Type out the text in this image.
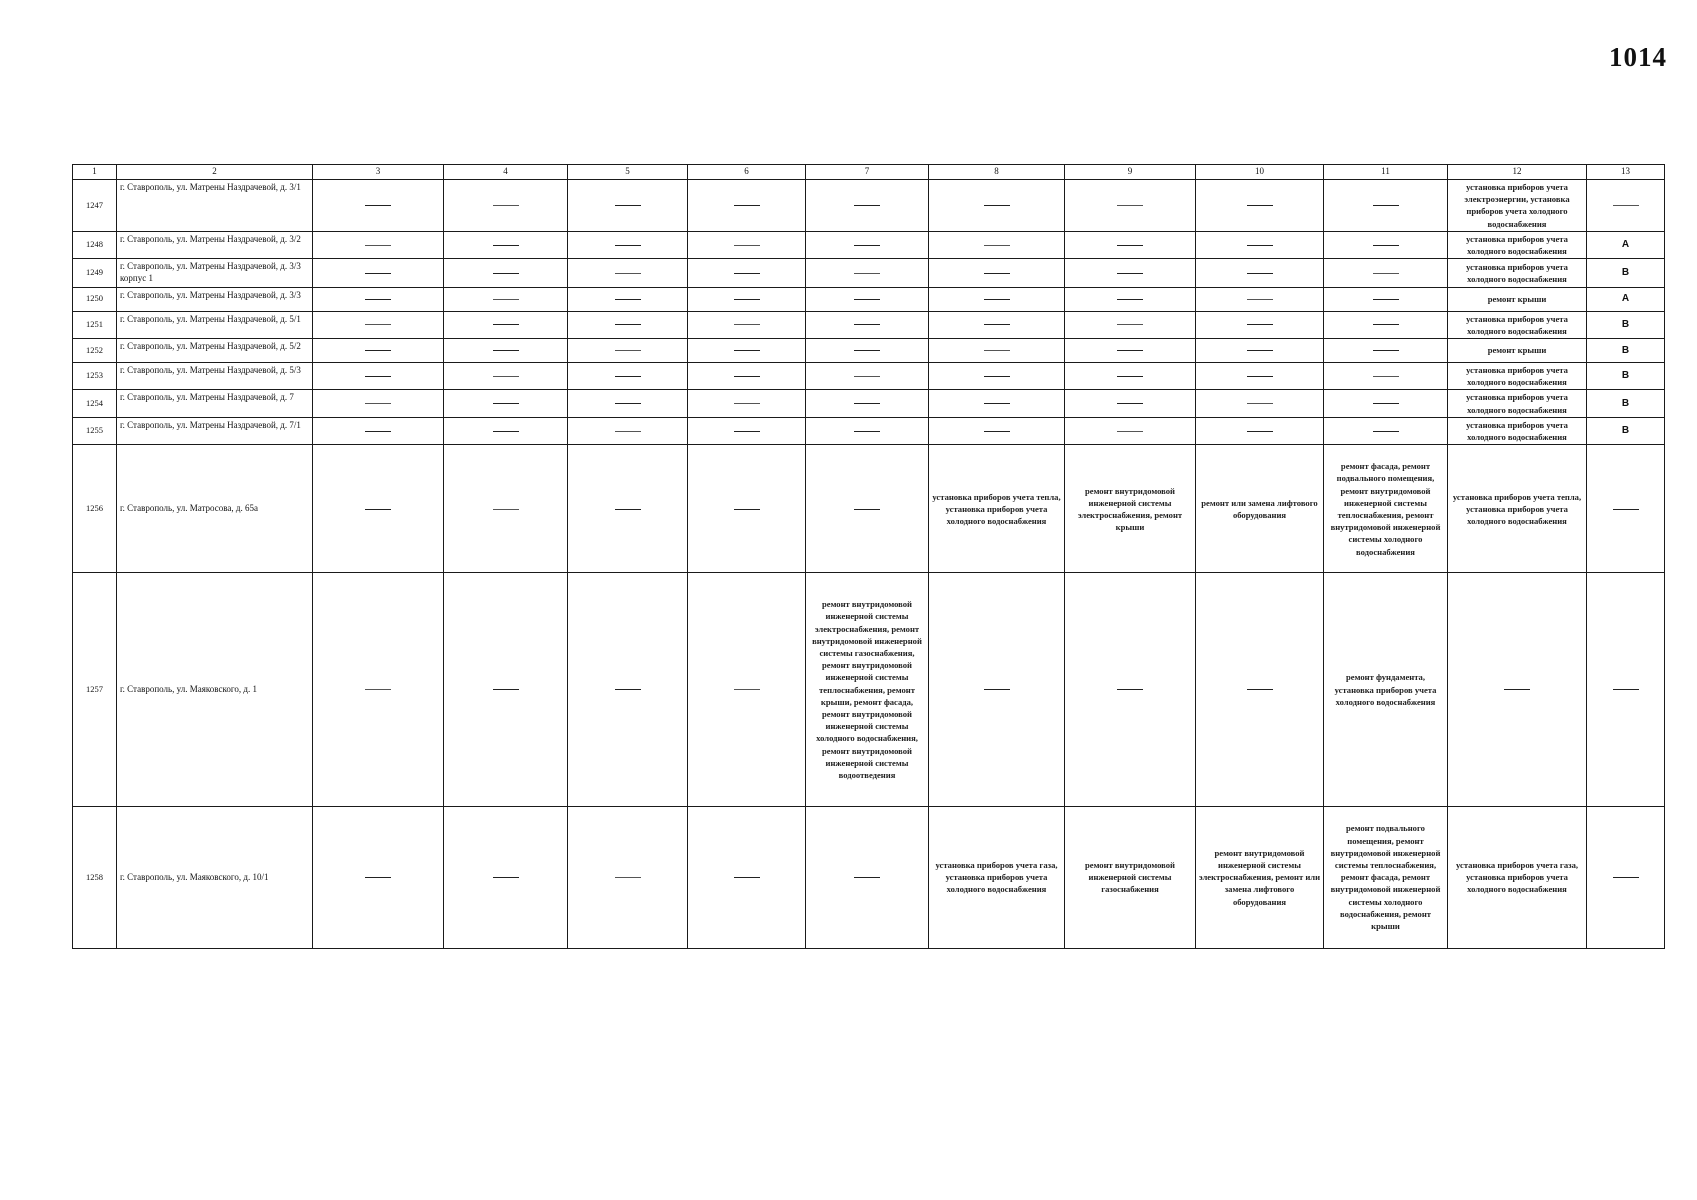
1014
1	2	3	4	5	6	7	8	9	10	11	12	13
1247	г. Ставрополь, ул. Матрены Наздрачевой, д. 3/1										установка приборов учета электроэнергии, установка приборов учета холодного водоснабжения	
1248	г. Ставрополь, ул. Матрены Наздрачевой, д. 3/2										установка приборов учета холодного водоснабжения	А
1249	г. Ставрополь, ул. Матрены Наздрачевой, д. 3/3 корпус 1										установка приборов учета холодного водоснабжения	В
1250	г. Ставрополь, ул. Матрены Наздрачевой, д. 3/3										ремонт крыши	А
1251	г. Ставрополь, ул. Матрены Наздрачевой, д. 5/1										установка приборов учета холодного водоснабжения	В
1252	г. Ставрополь, ул. Матрены Наздрачевой, д. 5/2										ремонт крыши	В
1253	г. Ставрополь, ул. Матрены Наздрачевой, д. 5/3										установка приборов учета холодного водоснабжения	В
1254	г. Ставрополь, ул. Матрены Наздрачевой, д. 7										установка приборов учета холодного водоснабжения	В
1255	г. Ставрополь, ул. Матрены Наздрачевой, д. 7/1										установка приборов учета холодного водоснабжения	В
1256	г. Ставрополь, ул. Матросова, д. 65а						установка приборов учета тепла, установка приборов учета холодного водоснабжения	ремонт внутридомовой инженерной системы электроснабжения, ремонт крыши	ремонт или замена лифтового оборудования	ремонт фасада, ремонт подвального помещения, ремонт внутридомовой инженерной системы теплоснабжения, ремонт внутридомовой инженерной системы холодного водоснабжения	установка приборов учета тепла, установка приборов учета холодного водоснабжения	
1257	г. Ставрополь, ул. Маяковского, д. 1					ремонт внутридомовой инженерной системы электроснабжения, ремонт внутридомовой инженерной системы газоснабжения, ремонт внутридомовой инженерной системы теплоснабжения, ремонт крыши, ремонт фасада, ремонт внутридомовой инженерной системы холодного водоснабжения, ремонт внутридомовой инженерной системы водоотведения				ремонт фундамента, установка приборов учета холодного водоснабжения		
1258	г. Ставрополь, ул. Маяковского, д. 10/1						установка приборов учета газа, установка приборов учета холодного водоснабжения	ремонт внутридомовой инженерной системы газоснабжения	ремонт внутридомовой инженерной системы электроснабжения, ремонт или замена лифтового оборудования	ремонт подвального помещения, ремонт внутридомовой инженерной системы теплоснабжения, ремонт фасада, ремонт внутридомовой инженерной системы холодного водоснабжения, ремонт крыши	установка приборов учета газа, установка приборов учета холодного водоснабжения	
